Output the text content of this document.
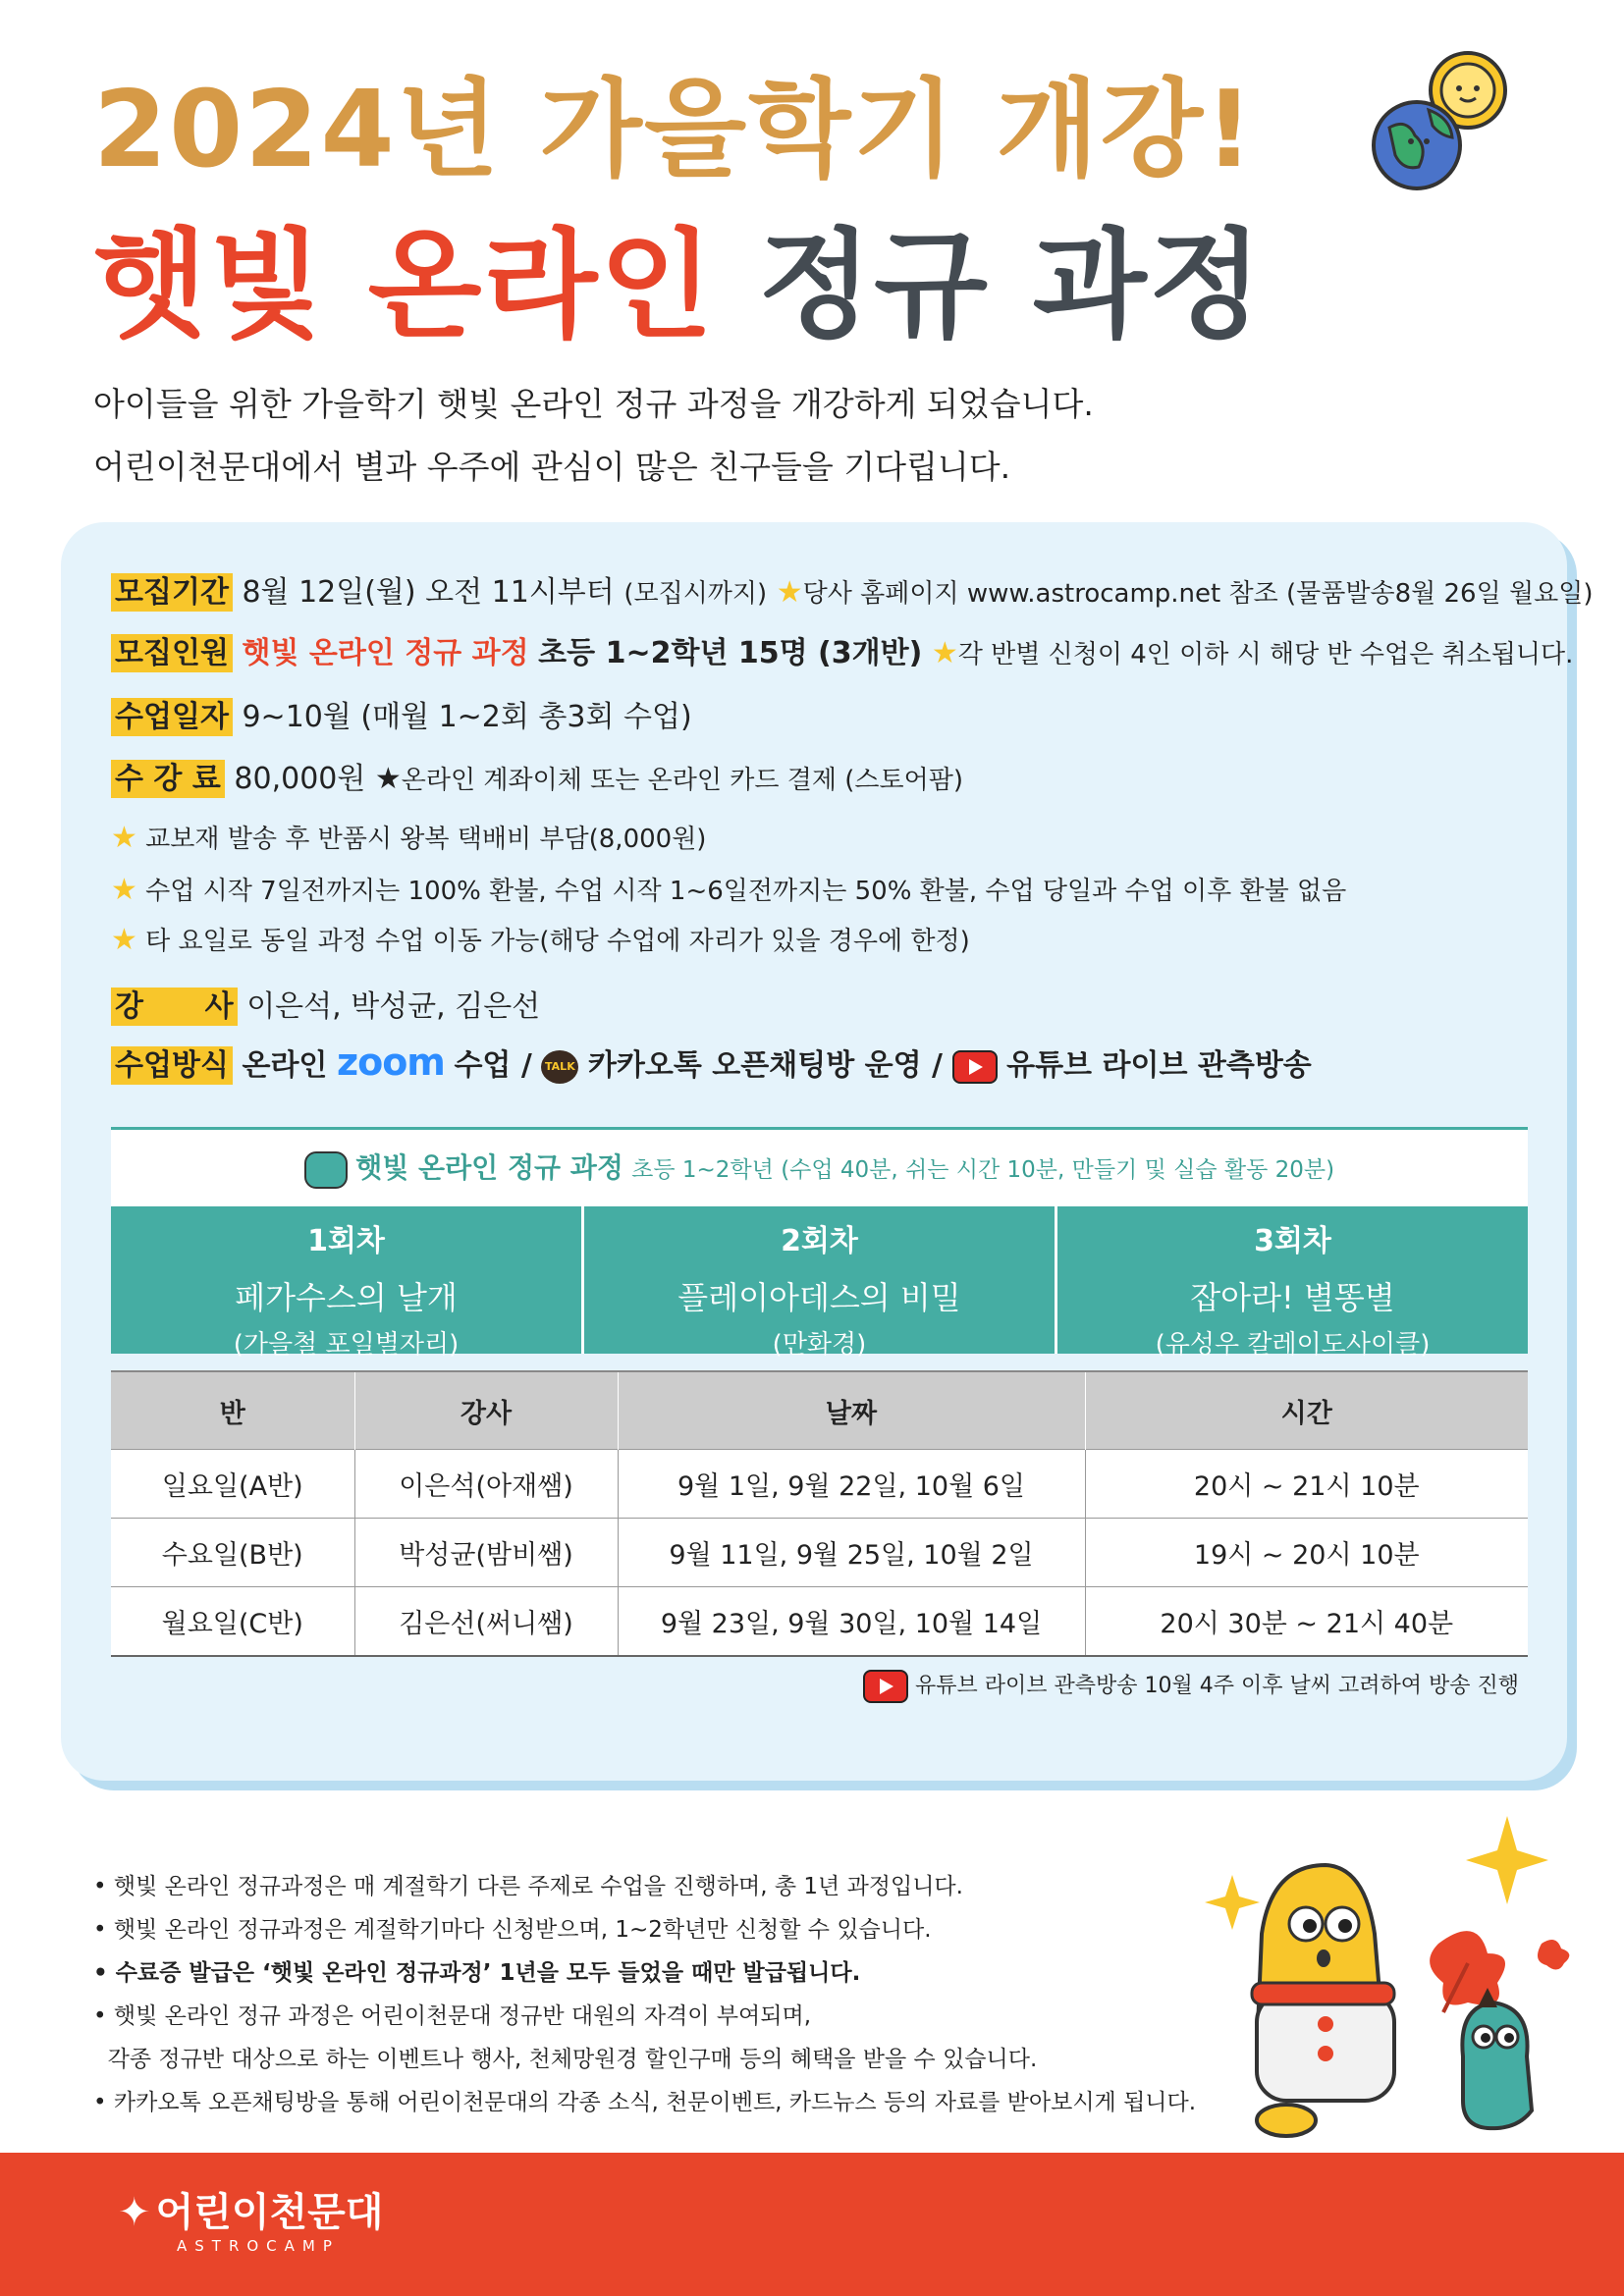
2024년 가을학기 개강!
햇빛 온라인 정규 과정
아이들을 위한 가을학기 햇빛 온라인 정규 과정을 개강하게 되었습니다.
어린이천문대에서 별과 우주에 관심이 많은 친구들을 기다립니다.
모집기간 8월 12일(월) 오전 11시부터 (모집시까지) ★당사 홈페이지 www.astrocamp.net 참조 (물품발송8월 26일 월요일)
모집인원 햇빛 온라인 정규 과정 초등 1~2학년 15명 (3개반) ★각 반별 신청이 4인 이하 시 해당 반 수업은 취소됩니다.
수업일자 9~10월 (매월 1~2회 총3회 수업)
수 강 료 80,000원 ★온라인 계좌이체 또는 온라인 카드 결제 (스토어팜)
★ 교보재 발송 후 반품시 왕복 택배비 부담(8,000원)
★ 수업 시작 7일전까지는 100% 환불, 수업 시작 1~6일전까지는 50% 환불, 수업 당일과 수업 이후 환불 없음
★ 타 요일로 동일 과정 수업 이동 가능(해당 수업에 자리가 있을 경우에 한정)
강      사 이은석, 박성균, 김은선
수업방식 온라인 zoom 수업 / TALK 카카오톡 오픈채팅방 운영 / 유튜브 라이브 관측방송
햇빛 온라인 정규 과정 초등 1~2학년 (수업 40분, 쉬는 시간 10분, 만들기 및 실습 활동 20분)
1회차
페가수스의 날개
(가을철 포일별자리)
2회차
플레이아데스의 비밀
(만화경)
3회차
잡아라! 별똥별
(유성우 칼레이도사이클)
반	강사	날짜	시간
일요일(A반)	이은석(아재쌤)	9월 1일, 9월 22일, 10월 6일	20시 ~ 21시 10분
수요일(B반)	박성균(밤비쌤)	9월 11일, 9월 25일, 10월 2일	19시 ~ 20시 10분
월요일(C반)	김은선(써니쌤)	9월 23일, 9월 30일, 10월 14일	20시 30분 ~ 21시 40분
유튜브 라이브 관측방송 10월 4주 이후 날씨 고려하여 방송 진행
• 햇빛 온라인 정규과정은 매 계절학기 다른 주제로 수업을 진행하며, 총 1년 과정입니다.
• 햇빛 온라인 정규과정은 계절학기마다 신청받으며, 1~2학년만 신청할 수 있습니다.
• 수료증 발급은 ‘햇빛 온라인 정규과정’ 1년을 모두 들었을 때만 발급됩니다.
• 햇빛 온라인 정규 과정은 어린이천문대 정규반 대원의 자격이 부여되며,
각종 정규반 대상으로 하는 이벤트나 행사, 천체망원경 할인구매 등의 혜택을 받을 수 있습니다.
• 카카오톡 오픈채팅방을 통해 어린이천문대의 각종 소식, 천문이벤트, 카드뉴스 등의 자료를 받아보시게 됩니다.
✦ 어린이천문대
ASTROCAMP
